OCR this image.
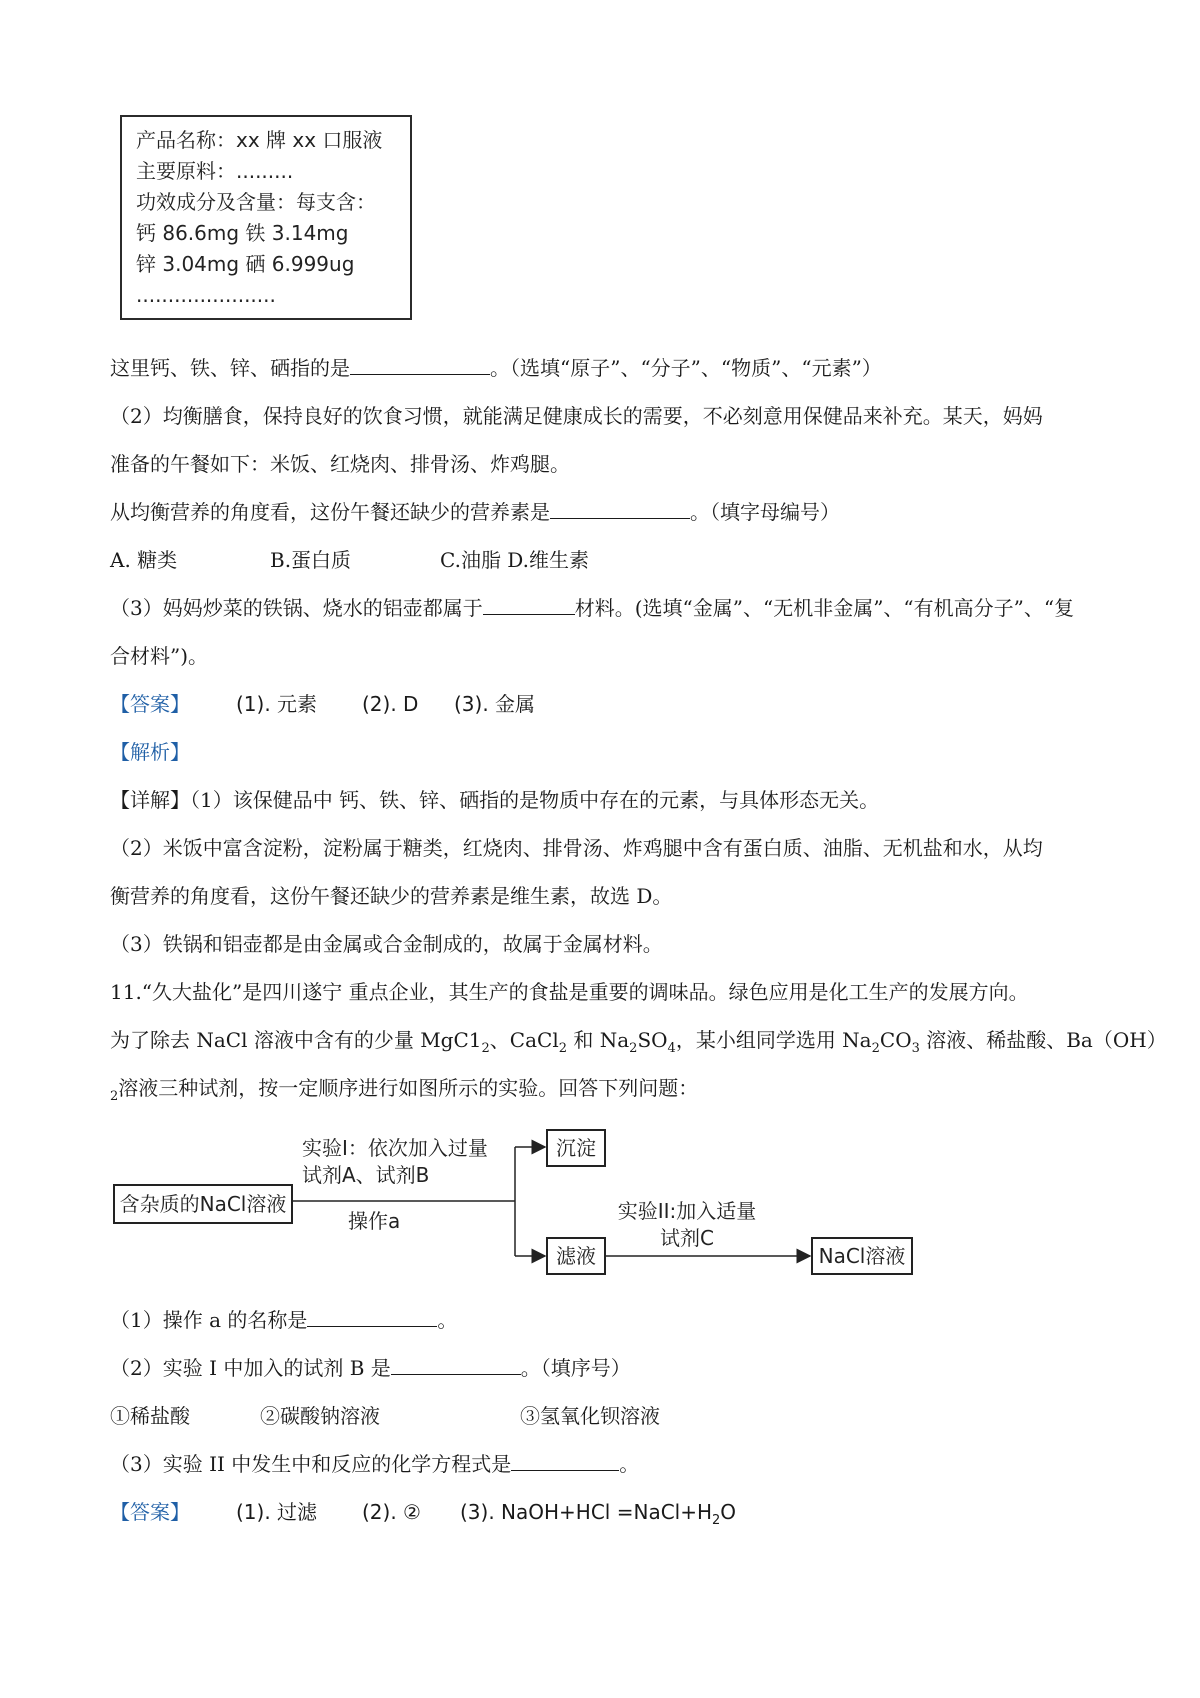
产品名称：xx 牌 xx 口服液
主要原料：.........
功效成分及含量：每支含：
钙 86.6mg 铁 3.14mg
锌 3.04mg 硒 6.999ug
......................
这里钙、铁、锌、硒指的是	。（选填“原子”、“分子”、“物质”、“元素”）
（2）均衡膳食，保持良好的饮食习惯，就能满足健康成长的需要，不必刻意用保健品来补充。某天，妈妈
准备的午餐如下：米饭、红烧肉、排骨汤、炸鸡腿。
从均衡营养的角度看，这份午餐还缺少的营养素是	。（填字母编号）
A. 糖类	B.蛋白质	C.油脂 D.维生素
（3）妈妈炒菜的铁锅、烧水的铝壶都属于	材料。(选填“金属”、“无机非金属”、“有机高分子”、“复
合材料”)。
【答案】 (1). 元素 (2). D (3). 金属
【解析】
【详解】（1）该保健品中 钙、铁、锌、硒指的是物质中存在的元素，与具体形态无关。
（2）米饭中富含淀粉，淀粉属于糖类，红烧肉、排骨汤、炸鸡腿中含有蛋白质、油脂、无机盐和水，从均
衡营养的角度看，这份午餐还缺少的营养素是维生素，故选 D。
（3）铁锅和铝壶都是由金属或合金制成的，故属于金属材料。
11.“久大盐化”是四川遂宁 重点企业，其生产的食盐是重要的调味品。绿色应用是化工生产的发展方向。
为了除去 NaCl 溶液中含有的少量 $MgC1_2$、CaCl$_2$ 和 $Na_2SO_4$，某小组同学选用 $Na_2CO_3$ 溶液、稀盐酸、Ba（OH）
$_2$溶液三种试剂，按一定顺序进行如图所示的实验。回答下列问题：
含杂质的NaCl溶液
实验I：依次加入过量
试剂A、试剂B
操作a
沉淀
滤液
实验II:加入适量
试剂C
NaCl溶液
（1）操作 a 的名称是	。
（2）实验 I 中加入的试剂 B 是	。（填序号）
①稀盐酸	②碳酸钠溶液	③氢氧化钡溶液
（3）实验 II 中发生中和反应的化学方程式是	。
【答案】 (1). 过滤 (2). ② (3). NaOH+HCl $=NaCl+H_2O$
